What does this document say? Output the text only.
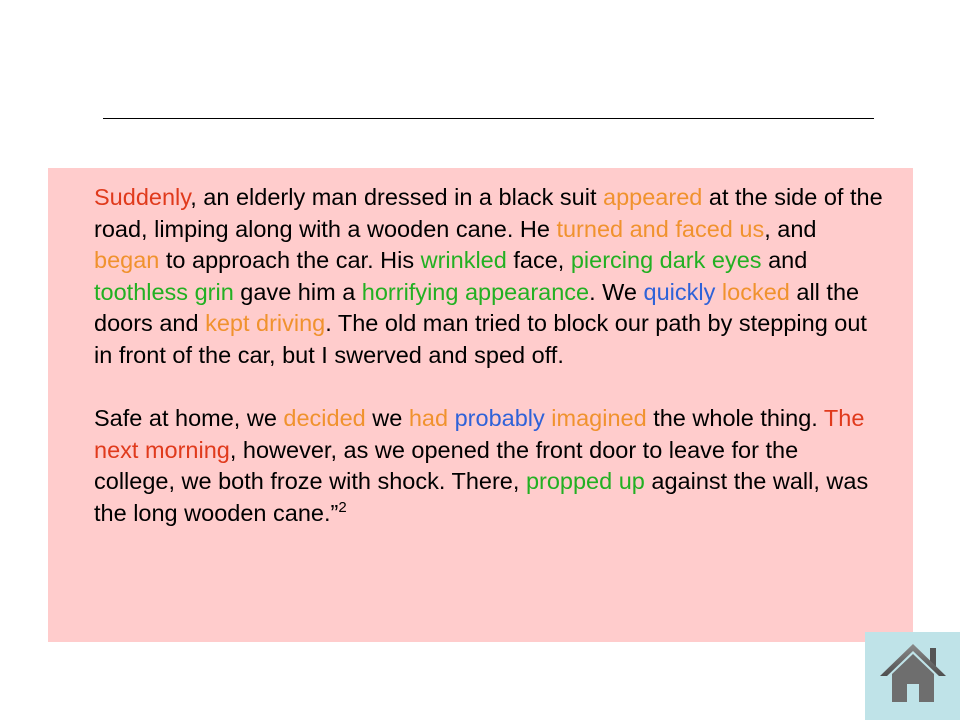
Suddenly, an elderly man dressed in a black suit appeared at the side of the road, limping along with a wooden cane. He turned and faced us, and began to approach the car. His wrinkled face, piercing dark eyes and toothless grin gave him a horrifying appearance. We quickly locked all the doors and kept driving. The old man tried to block our path by stepping out in front of the car, but I swerved and sped off.

Safe at home, we decided we had probably imagined the whole thing. The next morning, however, as we opened the front door to leave for the college, we both froze with shock. There, propped up against the wall, was the long wooden cane.”$^2$
